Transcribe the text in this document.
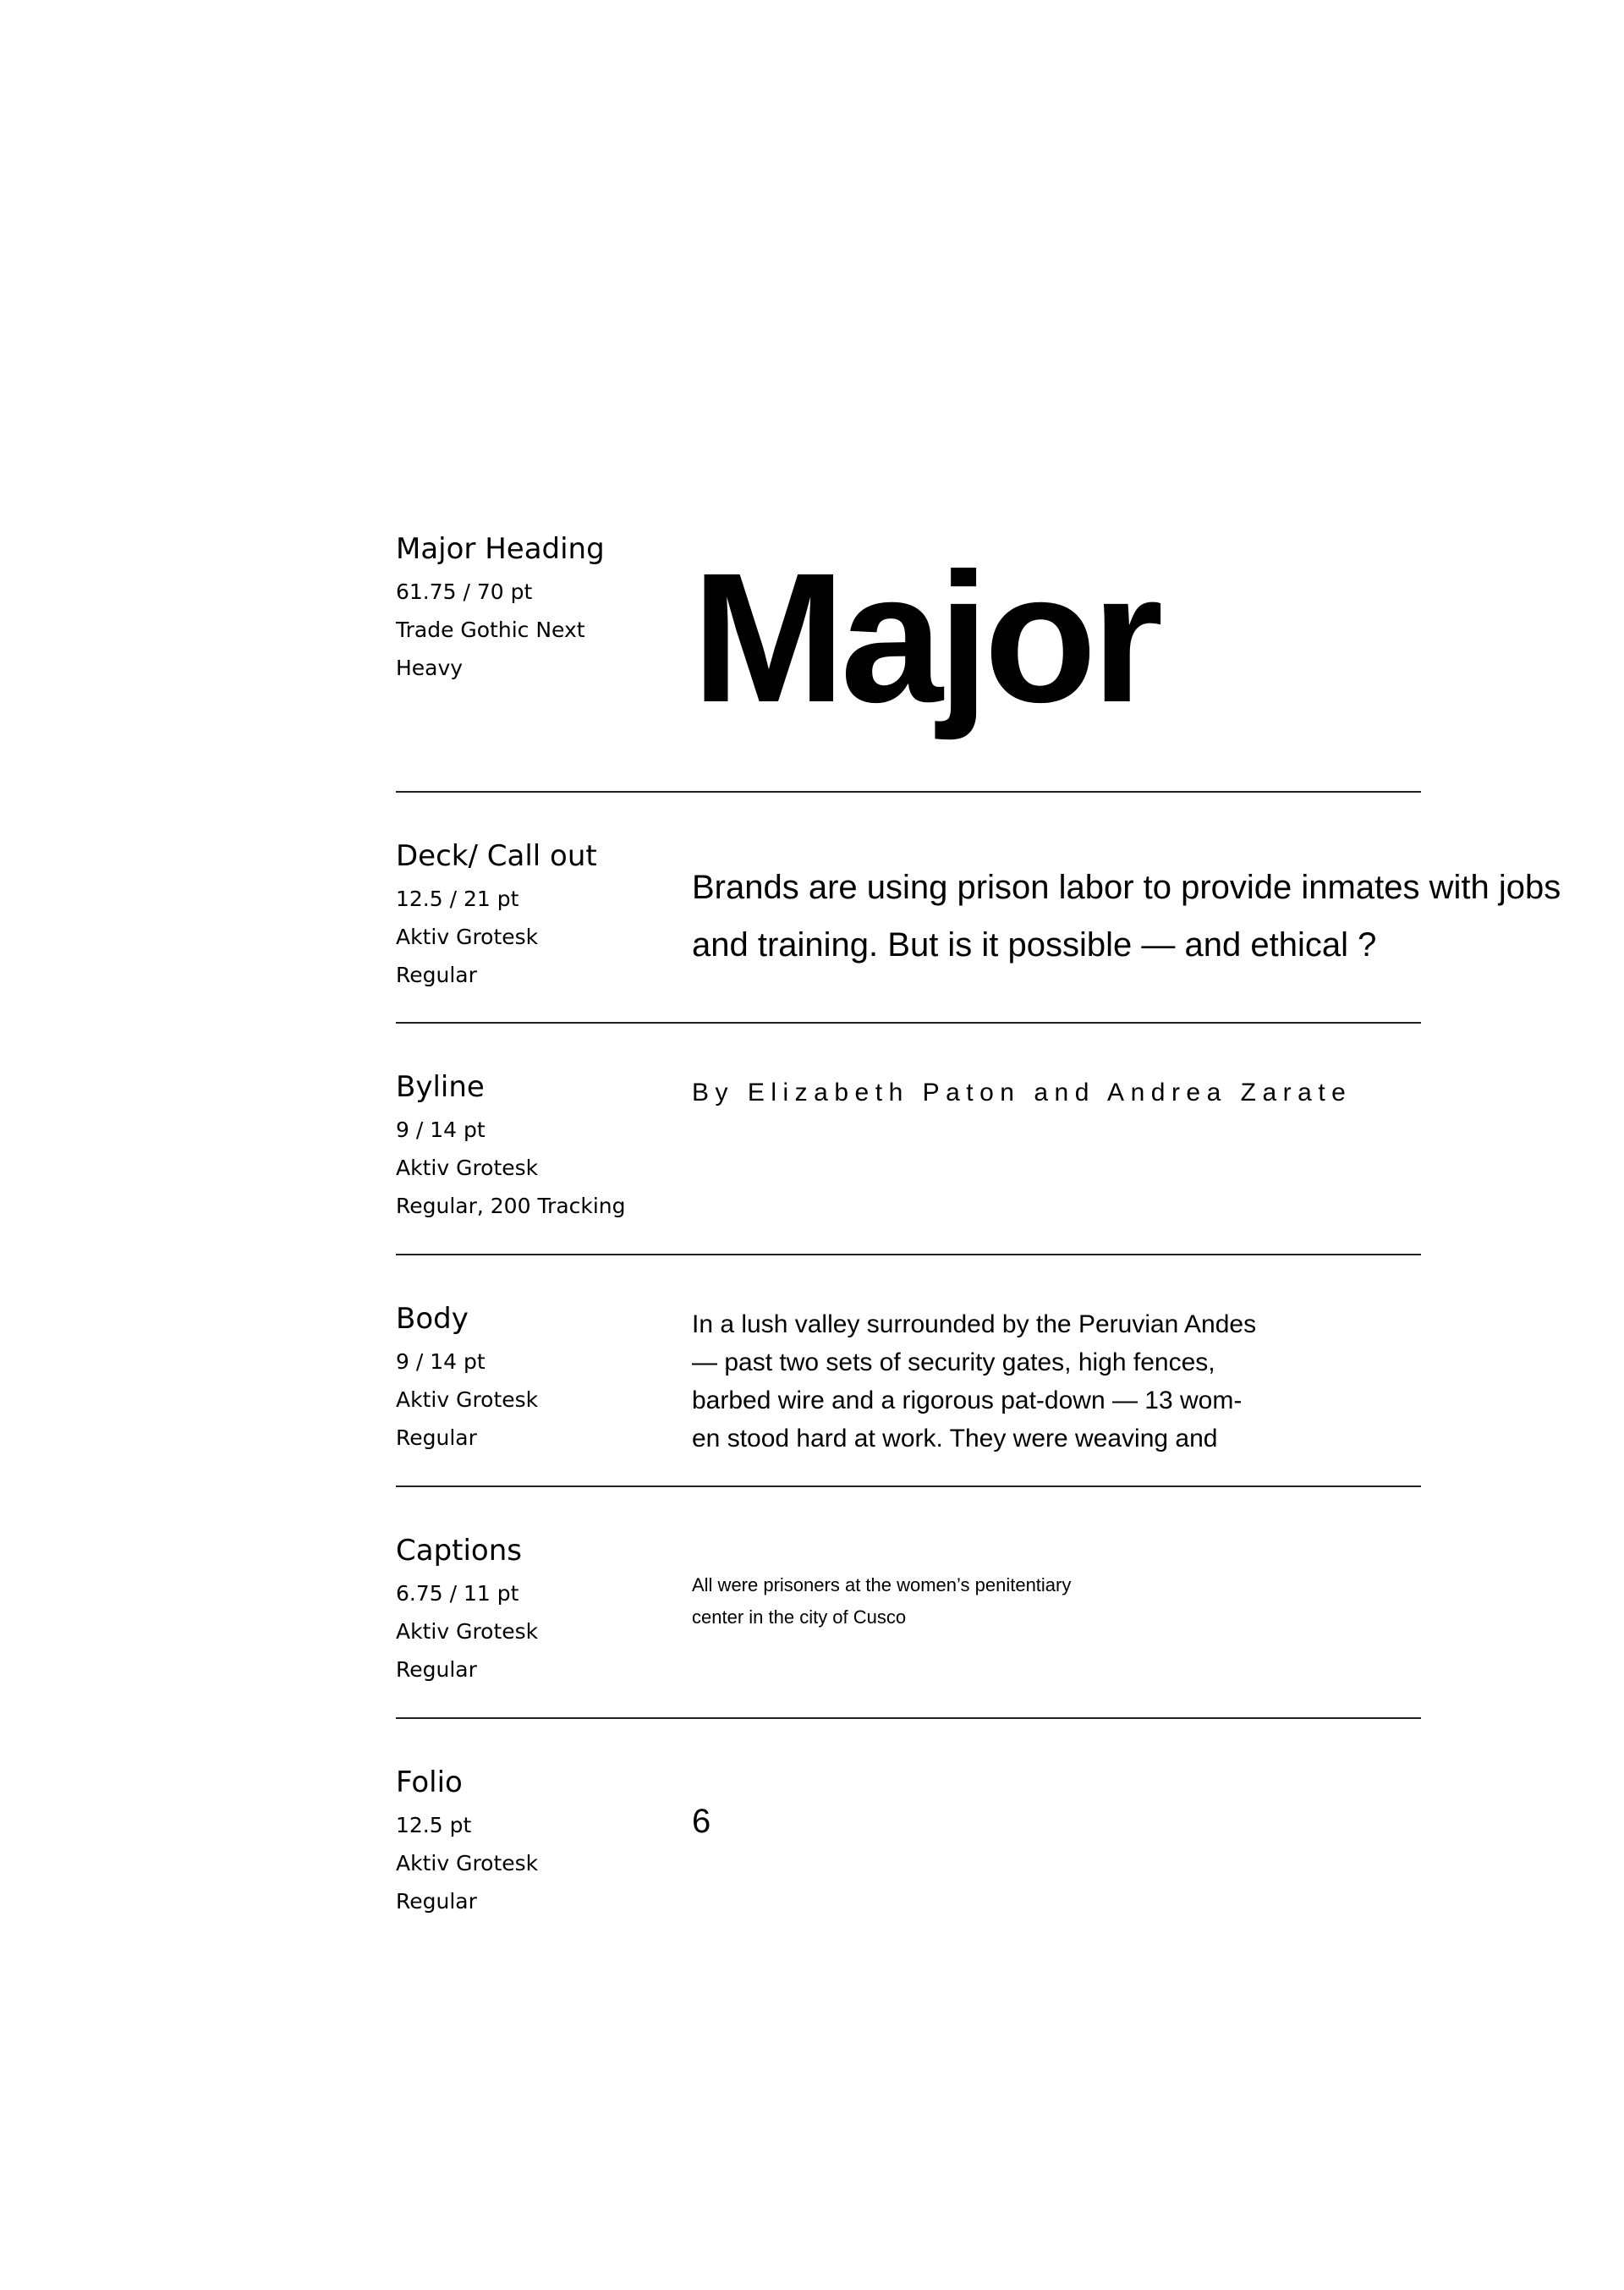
Major Heading
61.75 / 70 pt
Trade Gothic Next
Heavy	Major
Deck/ Call out
12.5 / 21 pt
Aktiv Grotesk
Regular
Brands are using prison labor to provide inmates with jobs and training. But is it possible — and ethical ?
Byline
9 / 14 pt
Aktiv Grotesk
Regular, 200 Tracking
By Elizabeth Paton and Andrea Zarate
Body
9 / 14 pt
Aktiv Grotesk
Regular
In a lush valley surrounded by the Peruvian Andes
— past two sets of security gates, high fences,
barbed wire and a rigorous pat-down — 13 wom-
en stood hard at work. They were weaving and
Captions
6.75 / 11 pt
Aktiv Grotesk
Regular
All were prisoners at the women’s penitentiary
center in the city of Cusco
Folio
12.5 pt
Aktiv Grotesk
Regular
6
